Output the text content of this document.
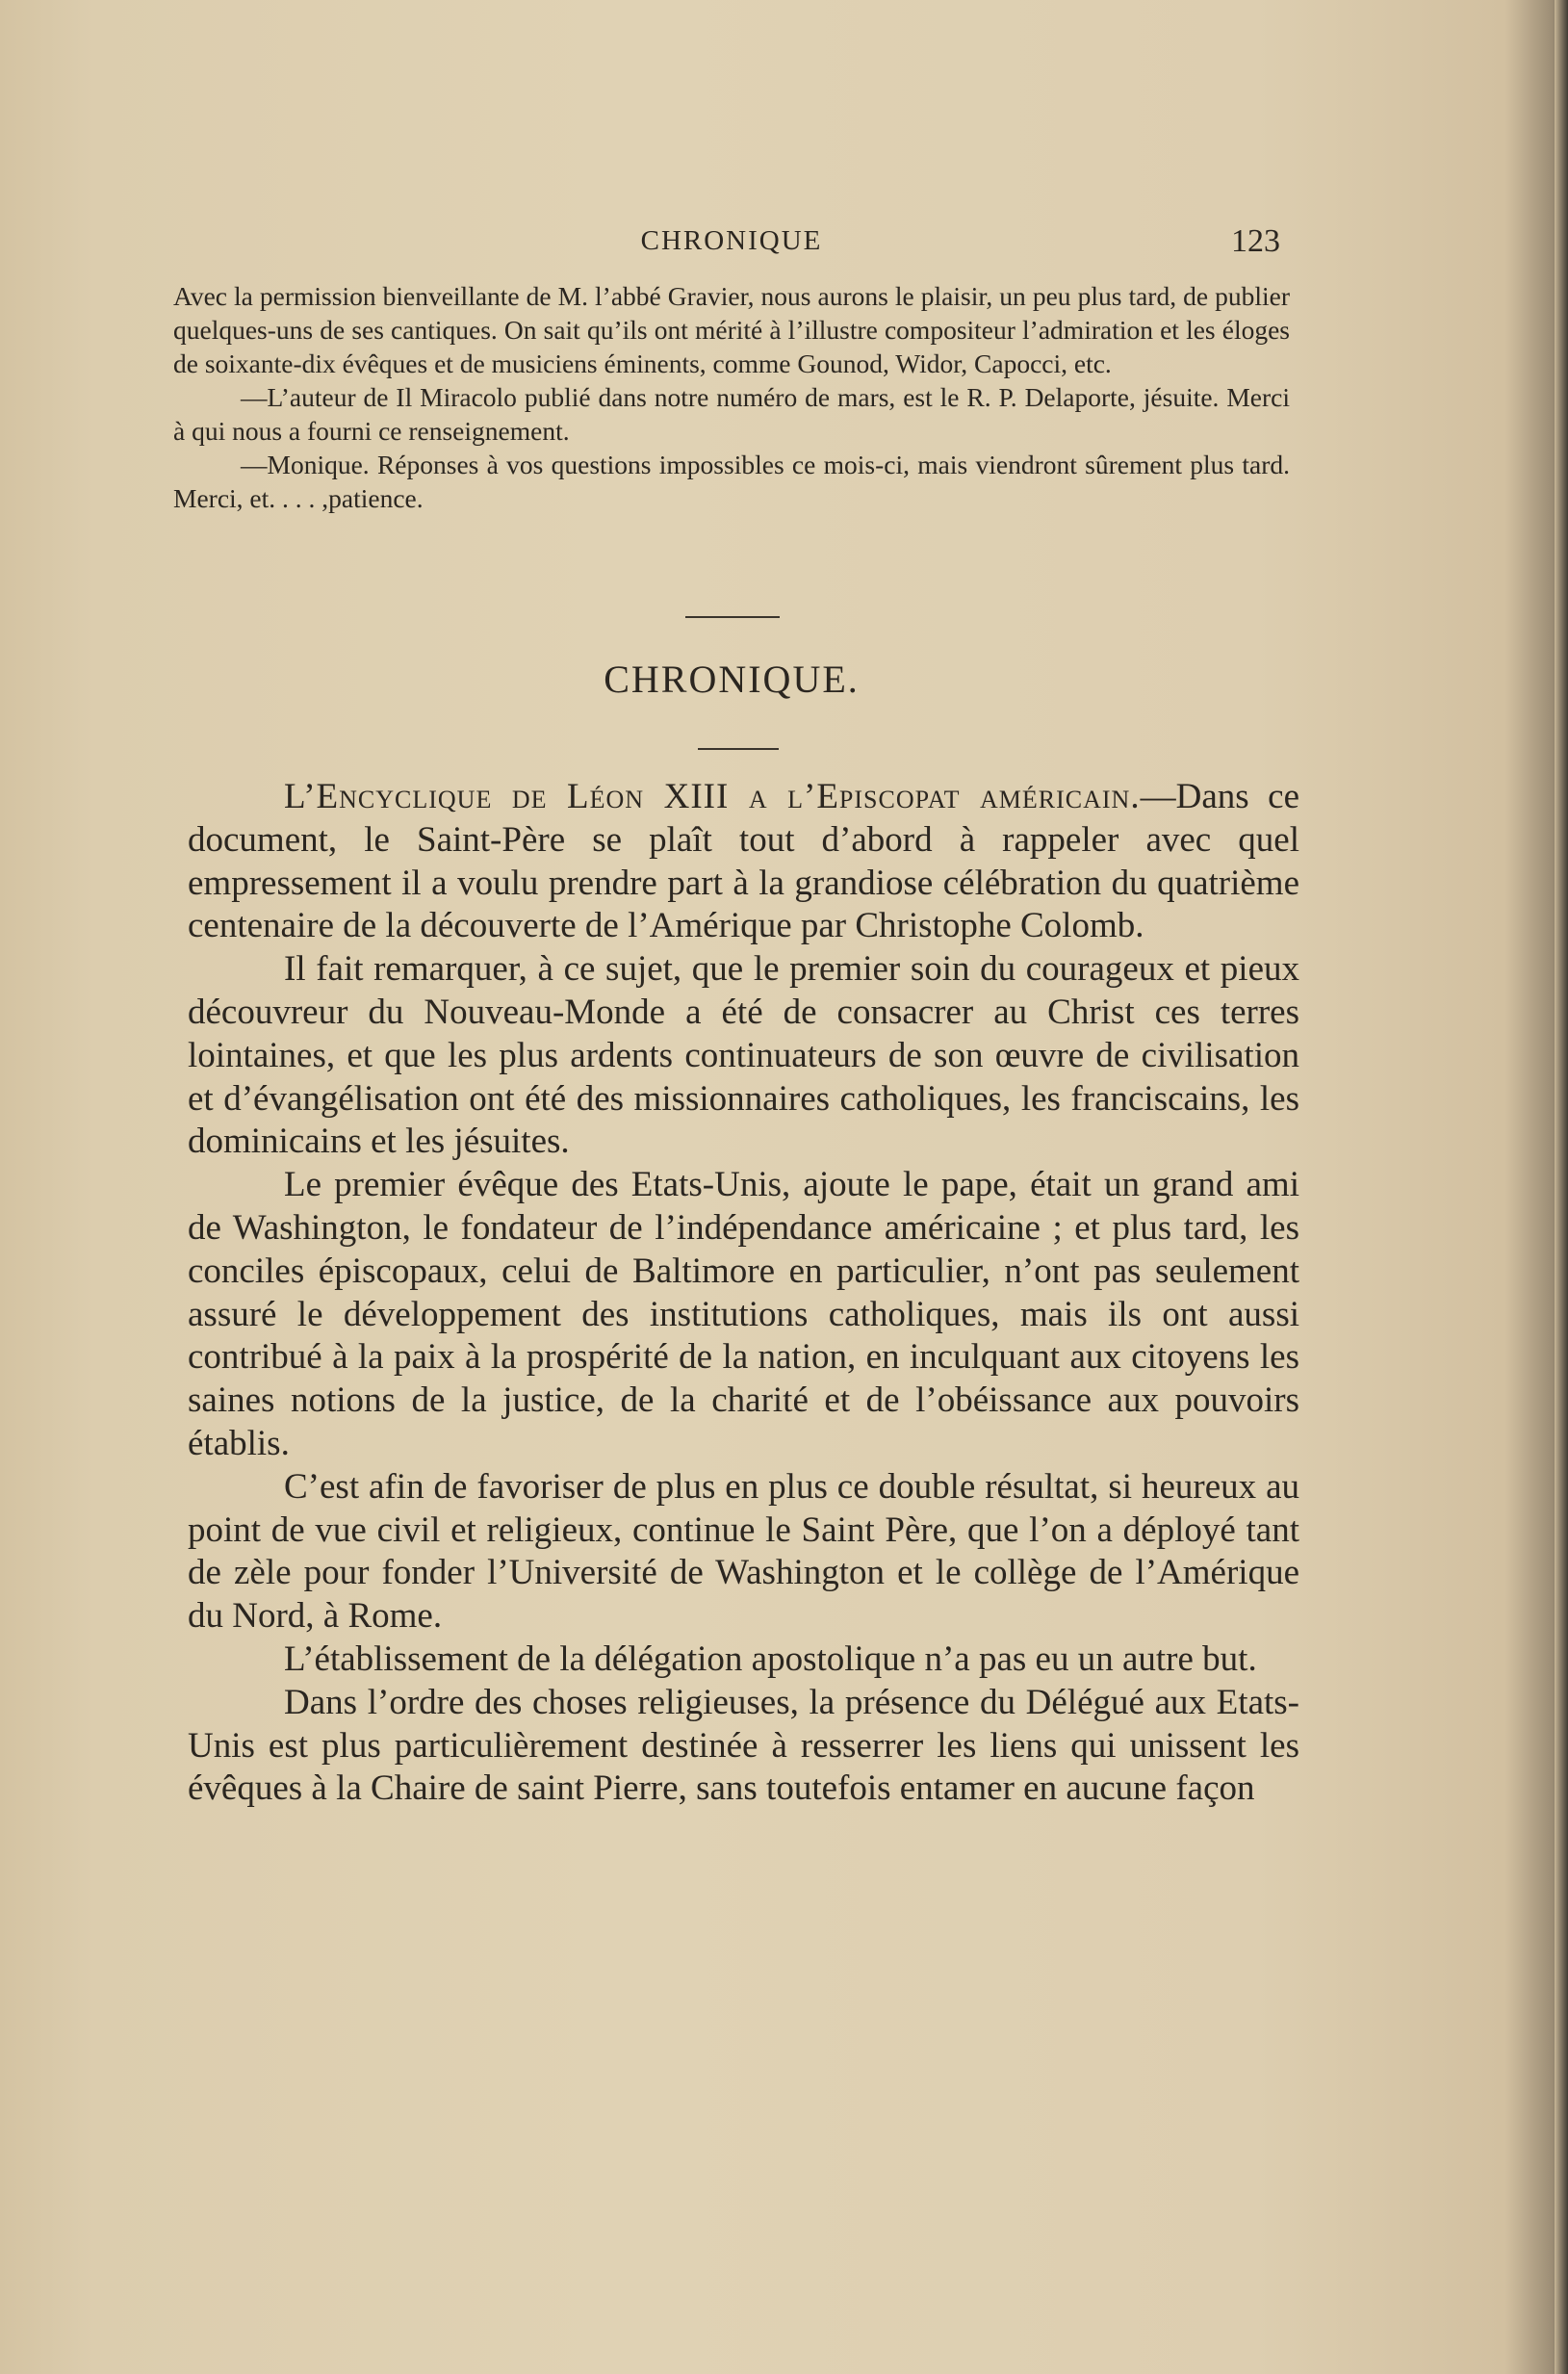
CHRONIQUE	123

Avec la permission bienveillante de M. l’abbé Gravier, nous aurons le plaisir, un peu plus tard, de publier quelques-uns de ses cantiques. On sait qu’ils ont mérité à l’illustre compositeur l’admiration et les éloges de soixante-dix évêques et de musiciens éminents, comme Gounod, Widor, Capocci, etc.

—L’auteur de Il Miracolo publié dans notre numéro de mars, est le R. P. Delaporte, jésuite. Merci à qui nous a fourni ce renseignement.

—Monique. Réponses à vos questions impossibles ce mois-ci, mais viendront sûrement plus tard. Merci, et. . . . ,patience.

CHRONIQUE.

L’Encyclique de Léon XIII a l’Episcopat américain.—Dans ce document, le Saint-Père se plaît tout d’abord à rappeler avec quel empressement il a voulu prendre part à la grandiose célébration du quatrième centenaire de la découverte de l’Amérique par Christophe Colomb.

Il fait remarquer, à ce sujet, que le premier soin du courageux et pieux découvreur du Nouveau-Monde a été de consacrer au Christ ces terres lointaines, et que les plus ardents continuateurs de son œuvre de civilisation et d’évangélisation ont été des missionnaires catholiques, les franciscains, les dominicains et les jésuites.

Le premier évêque des Etats-Unis, ajoute le pape, était un grand ami de Washington, le fondateur de l’indépendance américaine ; et plus tard, les conciles épiscopaux, celui de Baltimore en particulier, n’ont pas seulement assuré le développement des institutions catholiques, mais ils ont aussi contribué à la paix à la prospérité de la nation, en inculquant aux citoyens les saines notions de la justice, de la charité et de l’obéissance aux pouvoirs établis.

C’est afin de favoriser de plus en plus ce double résultat, si heureux au point de vue civil et religieux, continue le Saint Père, que l’on a déployé tant de zèle pour fonder l’Université de Washington et le collège de l’Amérique du Nord, à Rome.

L’établissement de la délégation apostolique n’a pas eu un autre but.

Dans l’ordre des choses religieuses, la présence du Délégué aux Etats-Unis est plus particulièrement destinée à resserrer les liens qui unissent les évêques à la Chaire de saint Pierre, sans toutefois entamer en aucune façon
